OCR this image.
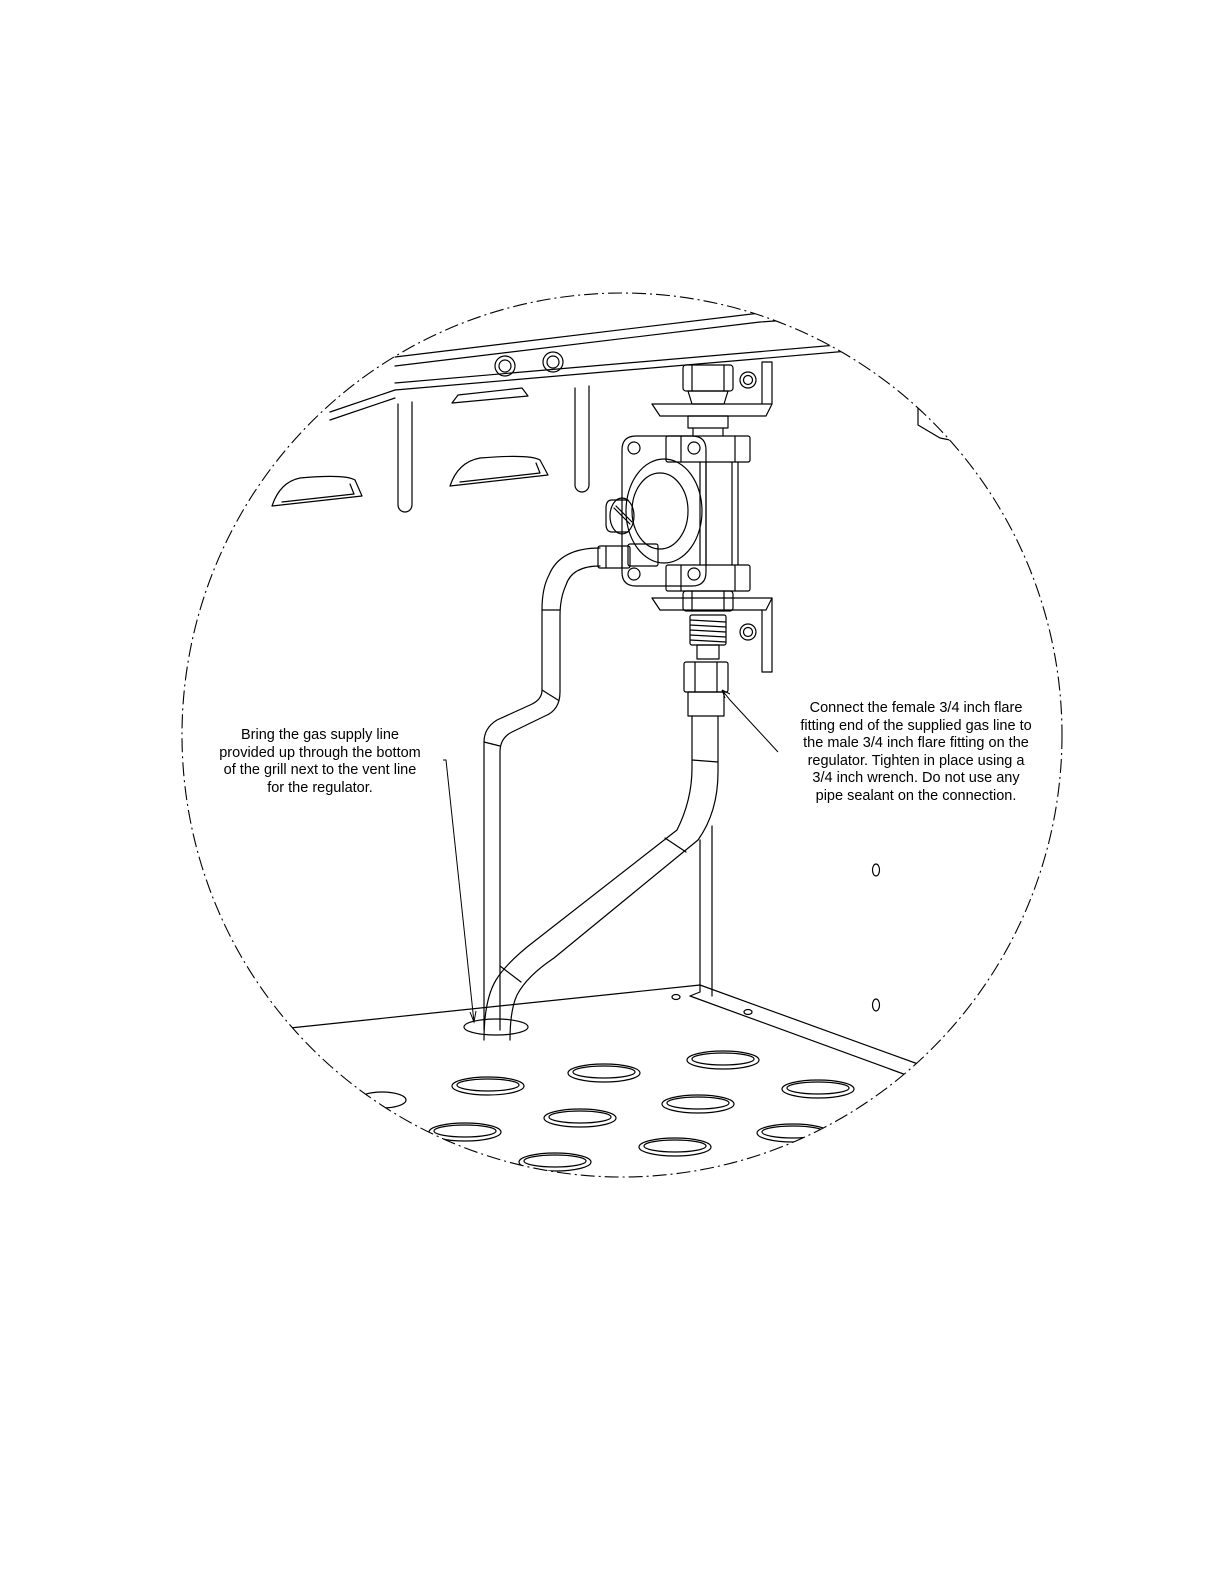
Bring the gas supply line
provided up through the bottom
of the grill next to the vent line
for the regulator.
Connect the female 3/4 inch flare
fitting end of the supplied gas line to
the male 3/4 inch flare fitting on the
regulator. Tighten in place using a
3/4 inch wrench. Do not use any
pipe sealant on the connection.
